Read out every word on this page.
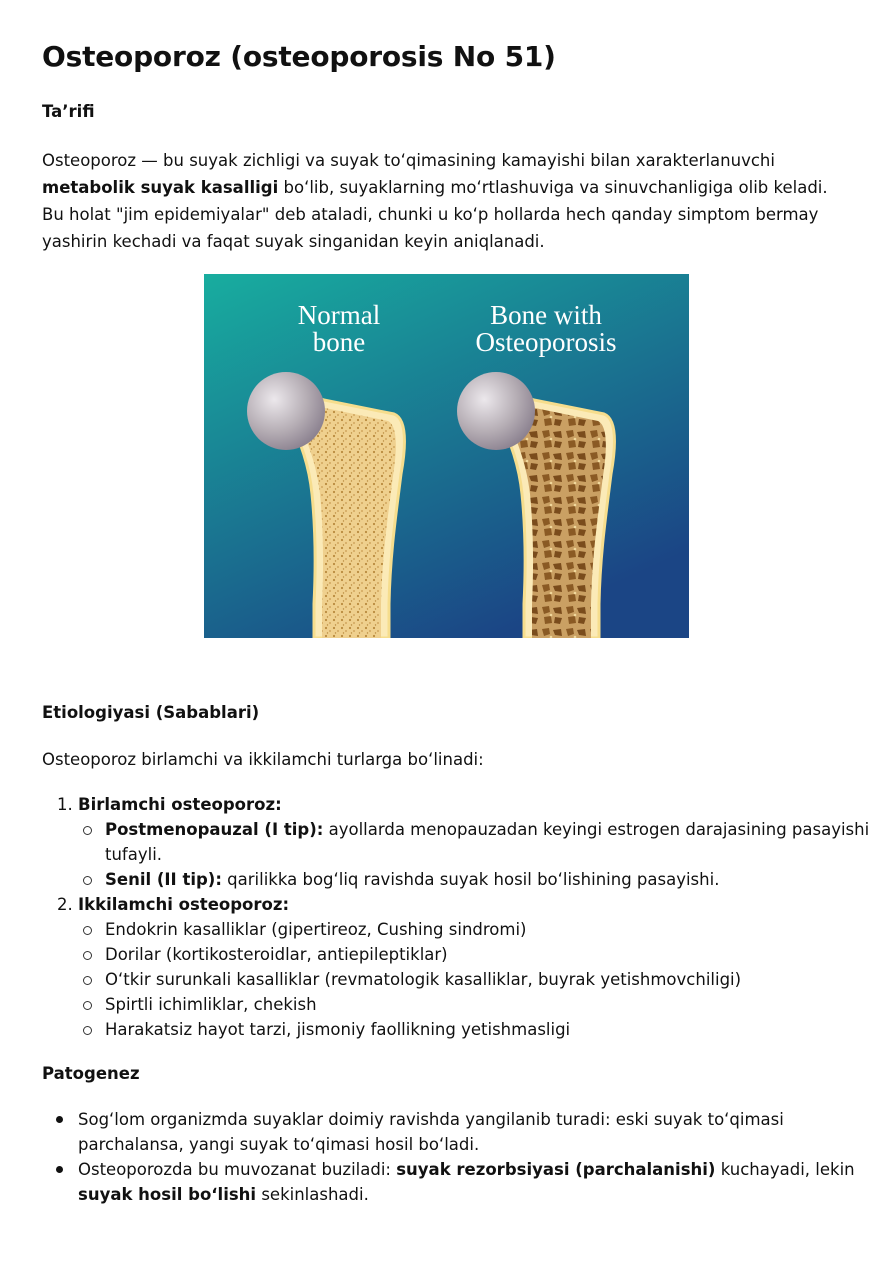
Osteoporoz (osteoporosis No 51)
Ta’rifi

Osteoporoz — bu suyak zichligi va suyak toʻqimasining kamayishi bilan xarakterlanuvchi metabolik suyak kasalligi boʻlib, suyaklarning moʻrtlashuviga va sinuvchanligiga olib keladi. Bu holat "jim epidemiyalar" deb ataladi, chunki u koʻp hollarda hech qanday simptom bermay yashirin kechadi va faqat suyak singanidan keyin aniqlanadi.

Normal
bone
Bone with
Osteoporosis
Etiologiyasi (Sabablari)

Osteoporoz birlamchi va ikkilamchi turlarga boʻlinadi:

1. Birlamchi osteoporoz:
Postmenopauzal (I tip): ayollarda menopauzadan keyingi estrogen darajasining pasayishi tufayli.
Senil (II tip): qarilikka bogʻliq ravishda suyak hosil boʻlishining pasayishi.
2. Ikkilamchi osteoporoz:
Endokrin kasalliklar (gipertireoz, Cushing sindromi)
Dorilar (kortikosteroidlar, antiepileptiklar)
Oʻtkir surunkali kasalliklar (revmatologik kasalliklar, buyrak yetishmovchiligi)
Spirtli ichimliklar, chekish
Harakatsiz hayot tarzi, jismoniy faollikning yetishmasligi
Patogenez
Sogʻlom organizmda suyaklar doimiy ravishda yangilanib turadi: eski suyak toʻqimasi parchalansa, yangi suyak toʻqimasi hosil boʻladi.
Osteoporozda bu muvozanat buziladi: suyak rezorbsiyasi (parchalanishi) kuchayadi, lekin suyak hosil boʻlishi sekinlashadi.
